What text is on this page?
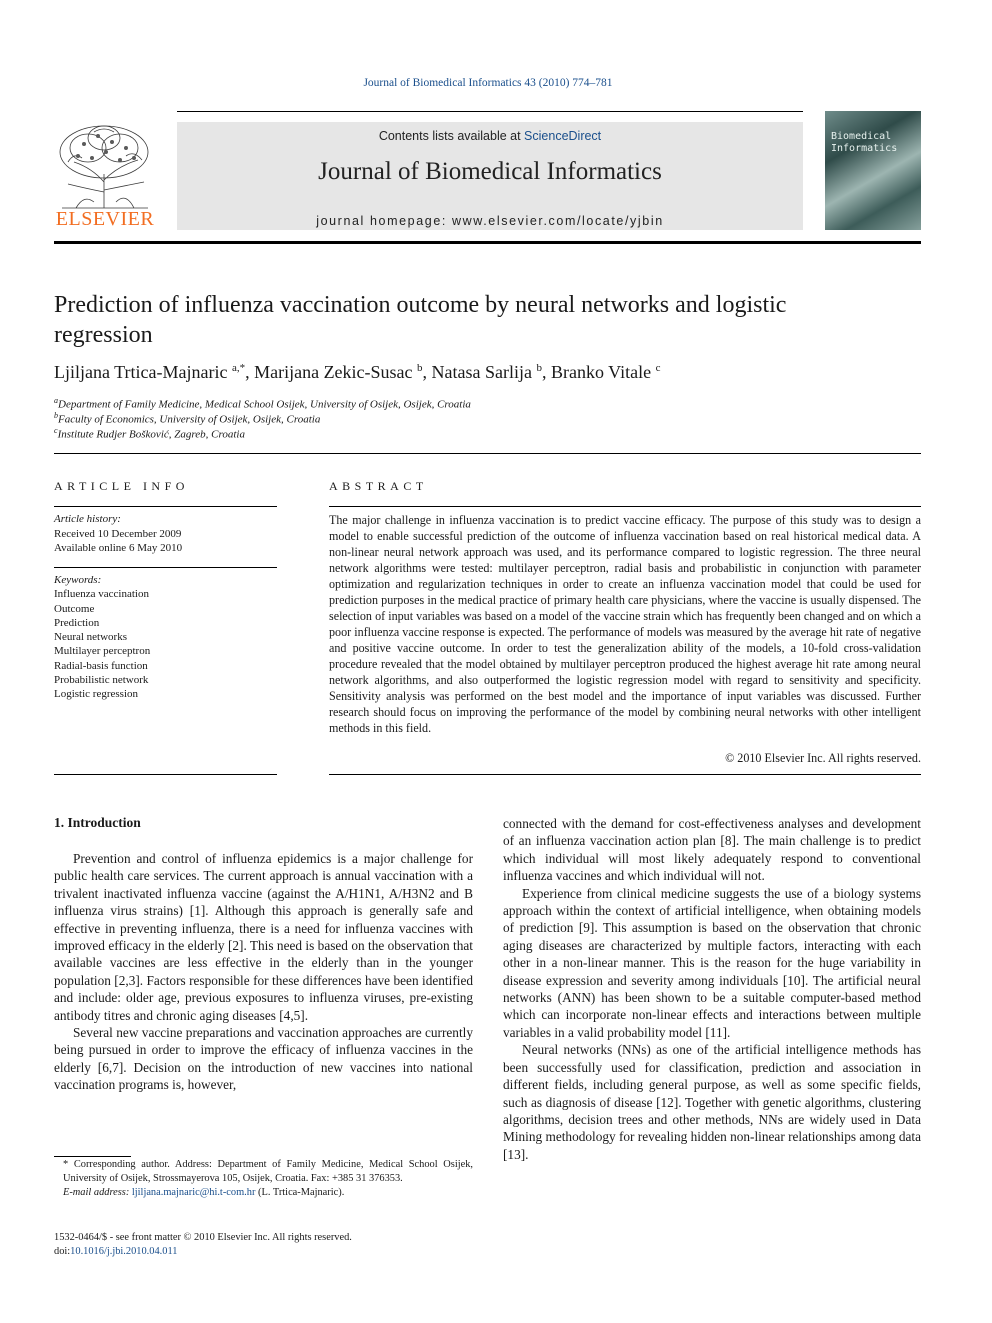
Journal of Biomedical Informatics 43 (2010) 774–781
ELSEVIER
Contents lists available at ScienceDirect
Journal of Biomedical Informatics
journal homepage: www.elsevier.com/locate/yjbin
Biomedical Informatics
Prediction of influenza vaccination outcome by neural networks and logistic regression
Ljiljana Trtica-Majnaric $^{a,*}$, Marijana Zekic-Susac $^b$, Natasa Sarlija $^b$, Branko Vitale $^c$
$^a$Department of Family Medicine, Medical School Osijek, University of Osijek, Osijek, Croatia
$^b$Faculty of Economics, University of Osijek, Osijek, Croatia
$^c$Institute Rudjer Bošković, Zagreb, Croatia
ARTICLE INFO	ABSTRACT
Article history:
Received 10 December 2009
Available online 6 May 2010
Keywords:
Influenza vaccination
Outcome
Prediction
Neural networks
Multilayer perceptron
Radial-basis function
Probabilistic network
Logistic regression
The major challenge in influenza vaccination is to predict vaccine efficacy. The purpose of this study was to design a model to enable successful prediction of the outcome of influenza vaccination based on real historical medical data. A non-linear neural network approach was used, and its performance compared to logistic regression. The three neural network algorithms were tested: multilayer perceptron, radial basis and probabilistic in conjunction with parameter optimization and regularization techniques in order to create an influenza vaccination model that could be used for prediction purposes in the medical practice of primary health care physicians, where the vaccine is usually dispensed. The selection of input variables was based on a model of the vaccine strain which has frequently been changed and on which a poor influenza vaccine response is expected. The performance of models was measured by the average hit rate of negative and positive vaccine outcome. In order to test the generalization ability of the models, a 10-fold cross-validation procedure revealed that the model obtained by multilayer perceptron produced the highest average hit rate among neural network algorithms, and also outperformed the logistic regression model with regard to sensitivity and specificity. Sensitivity analysis was performed on the best model and the importance of input variables was discussed. Further research should focus on improving the performance of the model by combining neural networks with other intelligent methods in this field.
© 2010 Elsevier Inc. All rights reserved.
1. Introduction

Prevention and control of influenza epidemics is a major challenge for public health care services. The current approach is annual vaccination with a trivalent inactivated influenza vaccine (against the A/H1N1, A/H3N2 and B influenza virus strains) [1]. Although this approach is generally safe and effective in preventing influenza, there is a need for influenza vaccines with improved efficacy in the elderly [2]. This need is based on the observation that available vaccines are less effective in the elderly than in the younger population [2,3]. Factors responsible for these differences have been identified and include: older age, previous exposures to influenza viruses, pre-existing antibody titres and chronic aging diseases [4,5].

Several new vaccine preparations and vaccination approaches are currently being pursued in order to improve the efficacy of influenza vaccines in the elderly [6,7]. Decision on the introduction of new vaccines into national vaccination programs is, however,

connected with the demand for cost-effectiveness analyses and development of an influenza vaccination action plan [8]. The main challenge is to predict which individual will most likely adequately respond to conventional influenza vaccines and which individual will not.

Experience from clinical medicine suggests the use of a biology systems approach within the context of artificial intelligence, when obtaining models of prediction [9]. This assumption is based on the observation that chronic aging diseases are characterized by multiple factors, interacting with each other in a non-linear manner. This is the reason for the huge variability in disease expression and severity among individuals [10]. The artificial neural networks (ANN) has been shown to be a suitable computer-based method which can incorporate non-linear effects and interactions between multiple variables in a valid probability model [11].

Neural networks (NNs) as one of the artificial intelligence methods has been successfully used for classification, prediction and association in different fields, including general purpose, as well as some specific fields, such as diagnosis of disease [12]. Together with genetic algorithms, clustering algorithms, decision trees and other methods, NNs are widely used in Data Mining methodology for revealing hidden non-linear relationships among data [13].

* Corresponding author. Address: Department of Family Medicine, Medical School Osijek, University of Osijek, Strossmayerova 105, Osijek, Croatia. Fax: +385 31 376353.
E-mail address: ljiljana.majnaric@hi.t-com.hr (L. Trtica-Majnaric).
1532-0464/$ - see front matter © 2010 Elsevier Inc. All rights reserved.
doi:10.1016/j.jbi.2010.04.011
